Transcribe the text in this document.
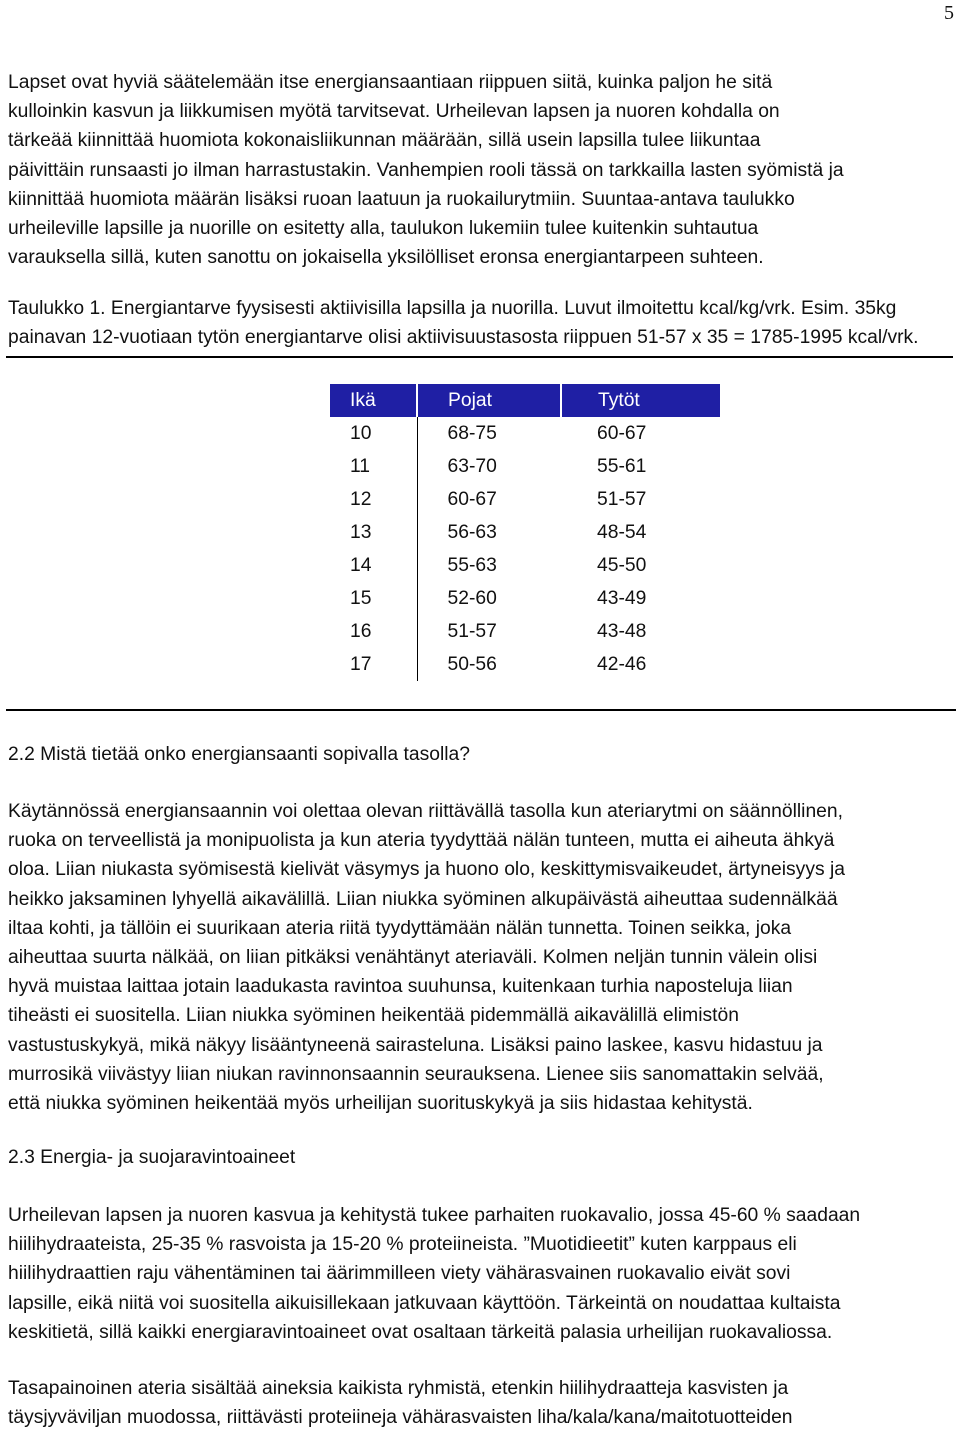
5

Lapset ovat hyviä säätelemään itse energiansaantiaan riippuen siitä, kuinka paljon he sitä
kulloinkin kasvun ja liikkumisen myötä tarvitsevat. Urheilevan lapsen ja nuoren kohdalla on
tärkeää kiinnittää huomiota kokonaisliikunnan määrään, sillä usein lapsilla tulee liikuntaa
päivittäin runsaasti jo ilman harrastustakin. Vanhempien rooli tässä on tarkkailla lasten syömistä ja
kiinnittää huomiota määrän lisäksi ruoan laatuun ja ruokailurytmiin. Suuntaa-antava taulukko
urheileville lapsille ja nuorille on esitetty alla, taulukon lukemiin tulee kuitenkin suhtautua
varauksella sillä, kuten sanottu on jokaisella yksilölliset eronsa energiantarpeen suhteen.

Taulukko 1. Energiantarve fyysisesti aktiivisilla lapsilla ja nuorilla. Luvut ilmoitettu kcal/kg/vrk. Esim. 35kg
painavan 12-vuotiaan tytön energiantarve olisi aktiivisuustasosta riippuen 51-57 x 35 = 1785-1995 kcal/vrk.

Ikä	Pojat	Tytöt
10	68-75	60-67
11	63-70	55-61
12	60-67	51-57
13	56-63	48-54
14	55-63	45-50
15	52-60	43-49
16	51-57	43-48
17	50-56	42-46
2.2 Mistä tietää onko energiansaanti sopivalla tasolla?

Käytännössä energiansaannin voi olettaa olevan riittävällä tasolla kun ateriarytmi on säännöllinen,
ruoka on terveellistä ja monipuolista ja kun ateria tyydyttää nälän tunteen, mutta ei aiheuta ähkyä
oloa. Liian niukasta syömisestä kielivät väsymys ja huono olo, keskittymisvaikeudet, ärtyneisyys ja
heikko jaksaminen lyhyellä aikavälillä. Liian niukka syöminen alkupäivästä aiheuttaa sudennälkää
iltaa kohti, ja tällöin ei suurikaan ateria riitä tyydyttämään nälän tunnetta. Toinen seikka, joka
aiheuttaa suurta nälkää, on liian pitkäksi venähtänyt ateriaväli. Kolmen neljän tunnin välein olisi
hyvä muistaa laittaa jotain laadukasta ravintoa suuhunsa, kuitenkaan turhia naposteluja liian
tiheästi ei suositella. Liian niukka syöminen heikentää pidemmällä aikavälillä elimistön
vastustuskykyä, mikä näkyy lisääntyneenä sairasteluna. Lisäksi paino laskee, kasvu hidastuu ja
murrosikä viivästyy liian niukan ravinnonsaannin seurauksena. Lienee siis sanomattakin selvää,
että niukka syöminen heikentää myös urheilijan suorituskykyä ja siis hidastaa kehitystä.

2.3 Energia- ja suojaravintoaineet

Urheilevan lapsen ja nuoren kasvua ja kehitystä tukee parhaiten ruokavalio, jossa 45-60 % saadaan
hiilihydraateista, 25-35 % rasvoista ja 15-20 % proteiineista. ”Muotidieetit” kuten karppaus eli
hiilihydraattien raju vähentäminen tai äärimmilleen viety vähärasvainen ruokavalio eivät sovi
lapsille, eikä niitä voi suositella aikuisillekaan jatkuvaan käyttöön. Tärkeintä on noudattaa kultaista
keskitietä, sillä kaikki energiaravintoaineet ovat osaltaan tärkeitä palasia urheilijan ruokavaliossa.

Tasapainoinen ateria sisältää aineksia kaikista ryhmistä, etenkin hiilihydraatteja kasvisten ja
täysjyväviljan muodossa, riittävästi proteiineja vähärasvaisten liha/kala/kana/maitotuotteiden
